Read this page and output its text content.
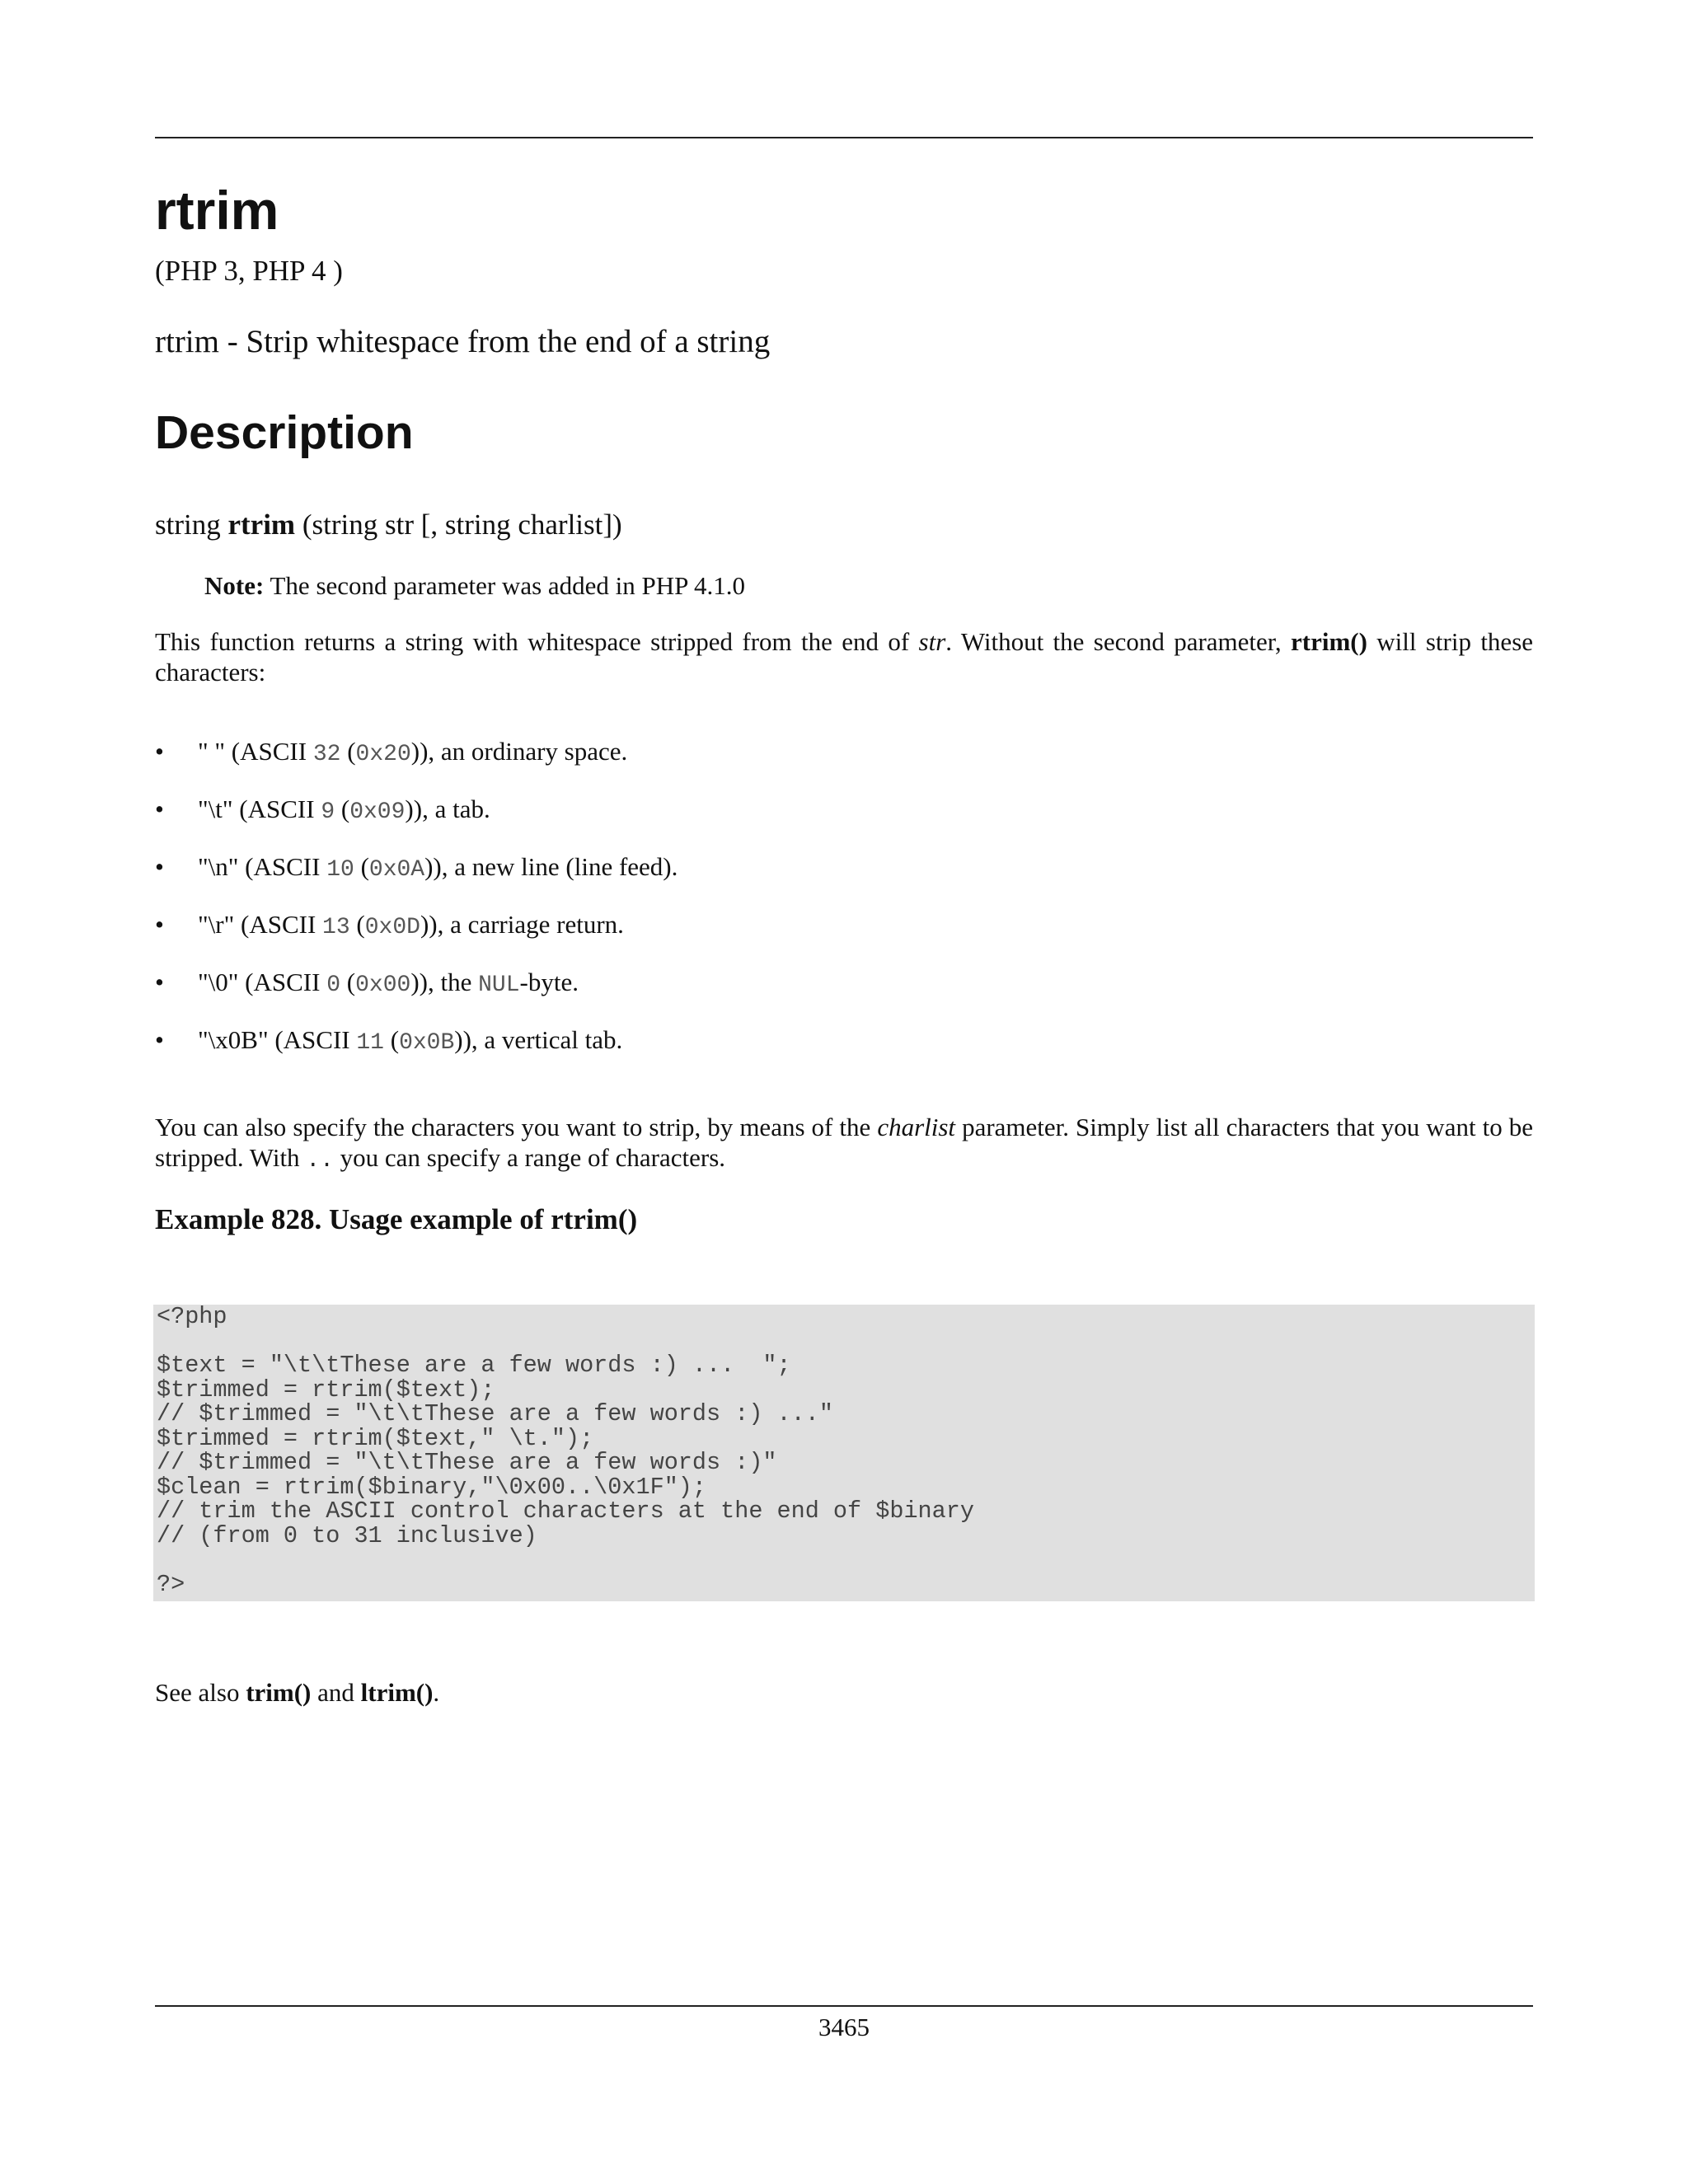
rtrim
(PHP 3, PHP 4 )
rtrim - Strip whitespace from the end of a string
Description
string rtrim (string str [, string charlist])
Note: The second parameter was added in PHP 4.1.0
This function returns a string with whitespace stripped from the end of str. Without the second parameter, rtrim() will strip these characters:
• " " (ASCII 32 (0x20)), an ordinary space.
• "\t" (ASCII 9 (0x09)), a tab.
• "\n" (ASCII 10 (0x0A)), a new line (line feed).
• "\r" (ASCII 13 (0x0D)), a carriage return.
• "\0" (ASCII 0 (0x00)), the NUL-byte.
• "\x0B" (ASCII 11 (0x0B)), a vertical tab.
You can also specify the characters you want to strip, by means of the charlist parameter. Simply list all characters that you want to be stripped. With .. you can specify a range of characters.
Example 828. Usage example of rtrim()
<?php

$text = "\t\tThese are a few words :) ...  ";
$trimmed = rtrim($text);
// $trimmed = "\t\tThese are a few words :) ..."
$trimmed = rtrim($text," \t.");
// $trimmed = "\t\tThese are a few words :)"
$clean = rtrim($binary,"\0x00..\0x1F");
// trim the ASCII control characters at the end of $binary
// (from 0 to 31 inclusive)

?>
See also trim() and ltrim().
3465
